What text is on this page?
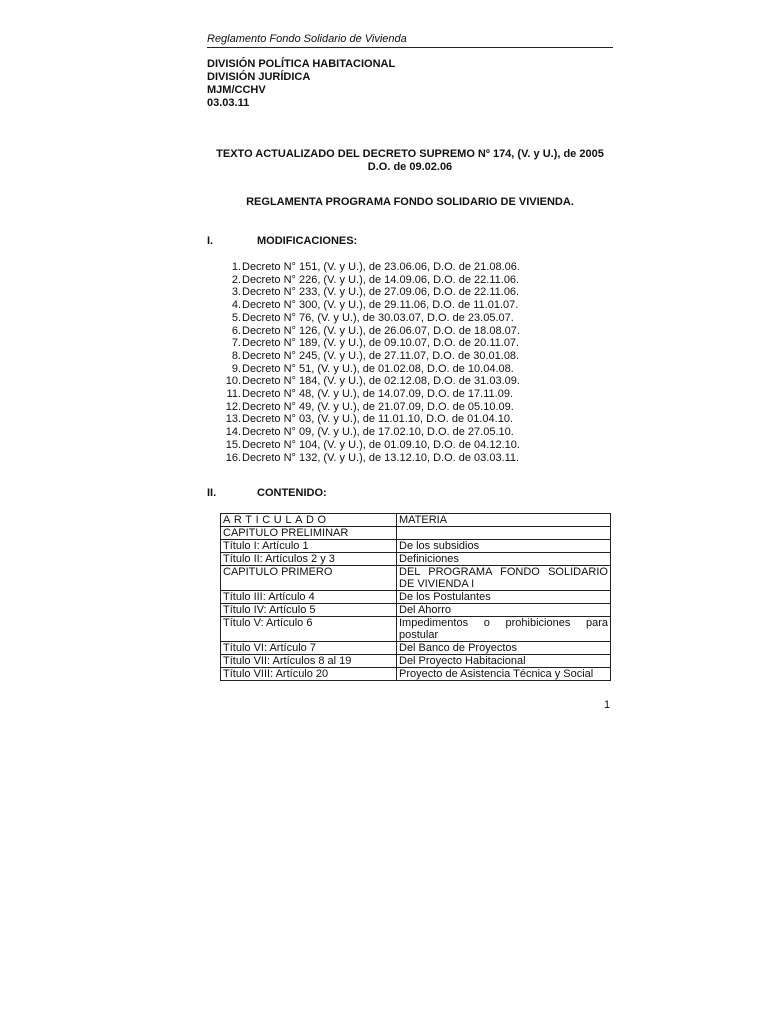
Reglamento Fondo Solidario de Vivienda
DIVISIÓN POLÍTICA HABITACIONAL
DIVISIÓN JURÍDICA
MJM/CCHV
03.03.11
TEXTO ACTUALIZADO DEL DECRETO SUPREMO Nº 174, (V. y U.), de 2005
D.O. de 09.02.06
REGLAMENTA PROGRAMA FONDO SOLIDARIO DE VIVIENDA.
I.	MODIFICACIONES:
1.Decreto N° 151, (V. y U.), de 23.06.06, D.O. de 21.08.06.
2.Decreto N° 226, (V. y U.), de 14.09.06, D.O. de 22.11.06.
3.Decreto N° 233, (V. y U.), de 27.09.06, D.O. de 22.11.06.
4.Decreto N° 300, (V. y U.), de 29.11.06, D.O. de 11.01.07.
5.Decreto N° 76, (V. y U.), de 30.03.07, D.O. de 23.05.07.
6.Decreto N° 126, (V. y U.), de 26.06.07, D.O. de 18.08.07.
7.Decreto N° 189, (V. y U.), de 09.10.07, D.O. de 20.11.07.
8.Decreto N° 245, (V. y U.), de 27.11.07, D.O. de 30.01.08.
9.Decreto N° 51, (V. y U.), de 01.02.08, D.O. de 10.04.08.
10.Decreto N° 184, (V. y U.), de 02.12.08, D.O. de 31.03.09.
11.Decreto N° 48, (V. y U.), de 14.07.09, D.O. de 17.11.09.
12.Decreto N° 49, (V. y U.), de 21.07.09, D.O. de 05.10.09.
13.Decreto N° 03, (V. y U.), de 11.01.10, D.O. de 01.04.10.
14.Decreto N° 09, (V. y U.), de 17.02.10, D.O. de 27.05.10.
15.Decreto N° 104, (V. y U.), de 01.09.10, D.O. de 04.12.10.
16.Decreto N° 132, (V. y U.), de 13.12.10, D.O. de 03.03.11.
II.	CONTENIDO:
ARTICULADO	MATERIA
CAPITULO PRELIMINAR	
Título I: Artículo 1	De los subsidios
Título II: Artículos 2 y 3	Definiciones
CAPITULO PRIMERO	DEL PROGRAMA FONDO SOLIDARIO DE VIVIENDA I
Título III: Artículo 4	De los Postulantes
Título IV: Artículo 5	Del Ahorro
Título V: Artículo 6	Impedimentos o prohibiciones para postular
Título VI: Artículo 7	Del Banco de Proyectos
Título VII: Artículos 8 al 19	Del Proyecto Habitacional
Título VIII: Artículo 20	Proyecto de Asistencia Técnica y Social
1
